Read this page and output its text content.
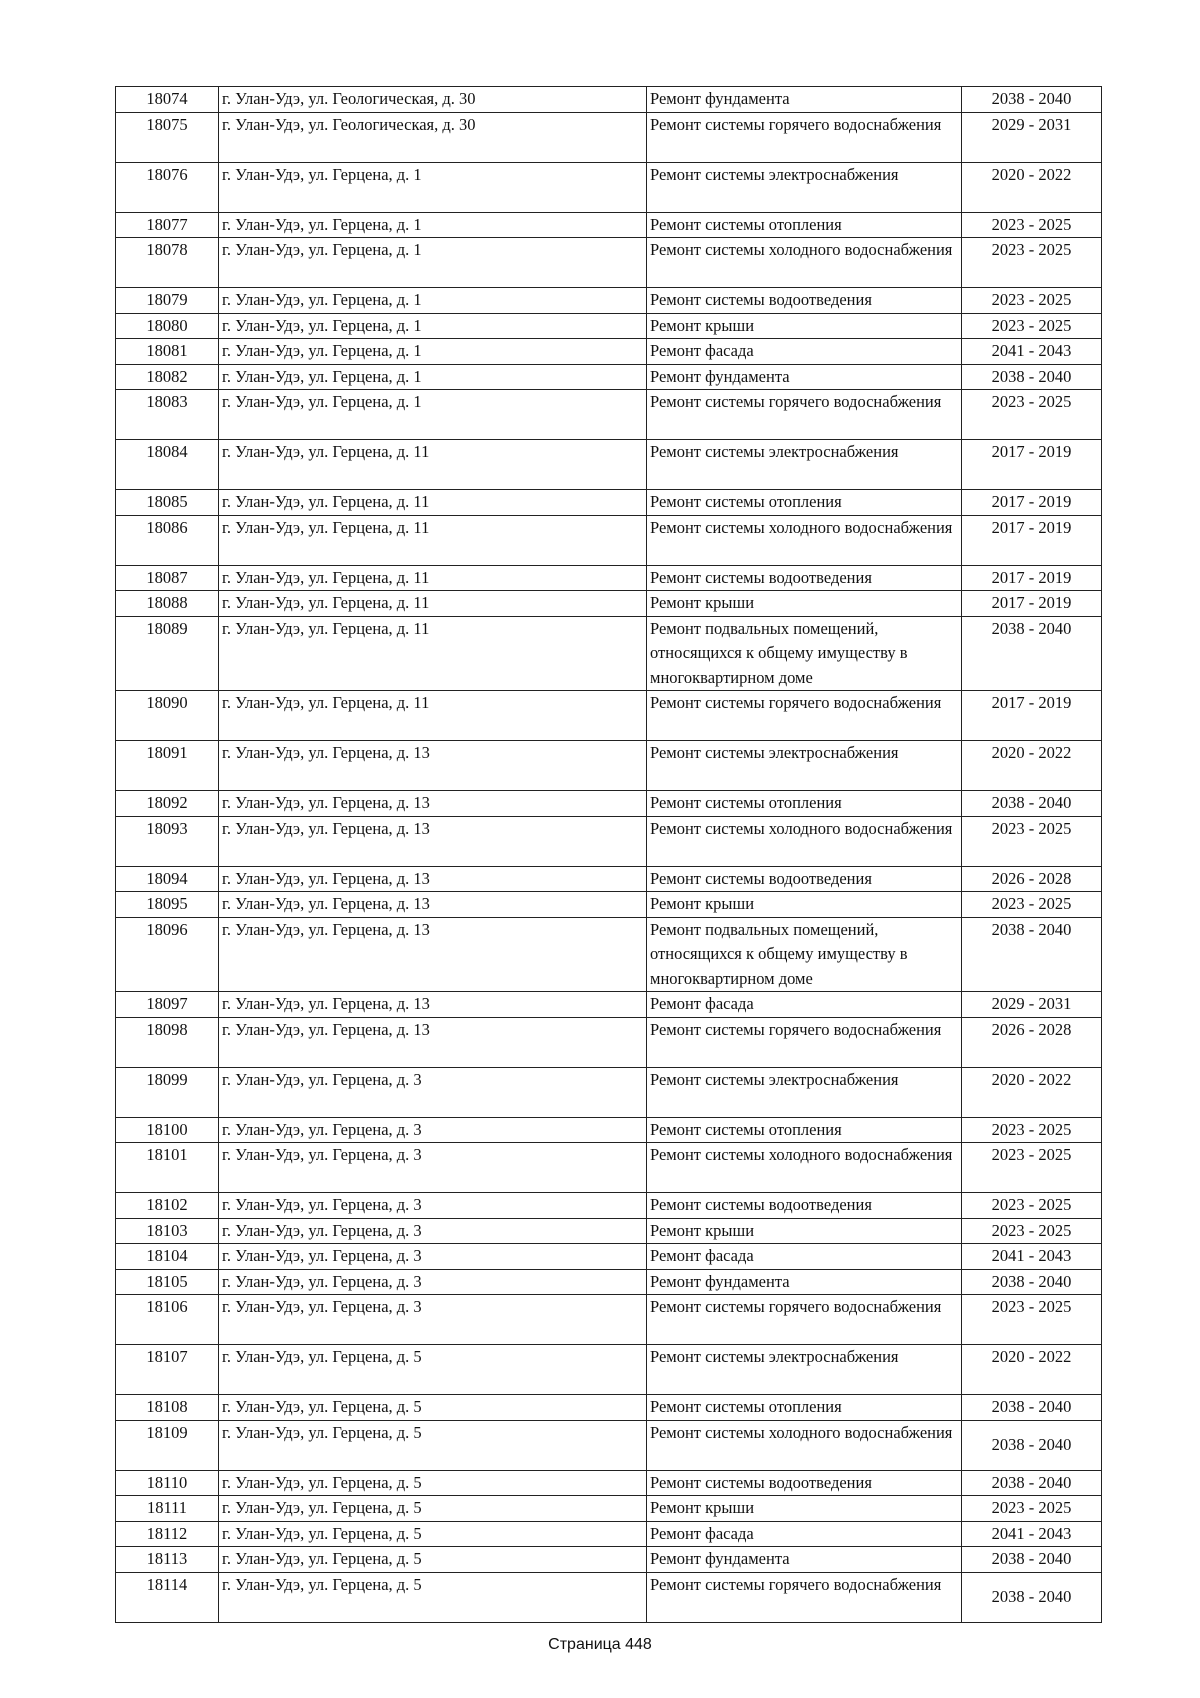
18074	г. Улан-Удэ, ул. Геологическая, д. 30	Ремонт фундамента	2038 - 2040
18075	г. Улан-Удэ, ул. Геологическая, д. 30	Ремонт системы горячего водоснабжения	2029 - 2031
18076	г. Улан-Удэ, ул. Герцена, д. 1	Ремонт системы электроснабжения	2020 - 2022
18077	г. Улан-Удэ, ул. Герцена, д. 1	Ремонт системы отопления	2023 - 2025
18078	г. Улан-Удэ, ул. Герцена, д. 1	Ремонт системы холодного водоснабжения	2023 - 2025
18079	г. Улан-Удэ, ул. Герцена, д. 1	Ремонт системы водоотведения	2023 - 2025
18080	г. Улан-Удэ, ул. Герцена, д. 1	Ремонт крыши	2023 - 2025
18081	г. Улан-Удэ, ул. Герцена, д. 1	Ремонт фасада	2041 - 2043
18082	г. Улан-Удэ, ул. Герцена, д. 1	Ремонт фундамента	2038 - 2040
18083	г. Улан-Удэ, ул. Герцена, д. 1	Ремонт системы горячего водоснабжения	2023 - 2025
18084	г. Улан-Удэ, ул. Герцена, д. 11	Ремонт системы электроснабжения	2017 - 2019
18085	г. Улан-Удэ, ул. Герцена, д. 11	Ремонт системы отопления	2017 - 2019
18086	г. Улан-Удэ, ул. Герцена, д. 11	Ремонт системы холодного водоснабжения	2017 - 2019
18087	г. Улан-Удэ, ул. Герцена, д. 11	Ремонт системы водоотведения	2017 - 2019
18088	г. Улан-Удэ, ул. Герцена, д. 11	Ремонт крыши	2017 - 2019
18089	г. Улан-Удэ, ул. Герцена, д. 11	Ремонт подвальных помещений, относящихся к общему имуществу в многоквартирном доме	2038 - 2040
18090	г. Улан-Удэ, ул. Герцена, д. 11	Ремонт системы горячего водоснабжения	2017 - 2019
18091	г. Улан-Удэ, ул. Герцена, д. 13	Ремонт системы электроснабжения	2020 - 2022
18092	г. Улан-Удэ, ул. Герцена, д. 13	Ремонт системы отопления	2038 - 2040
18093	г. Улан-Удэ, ул. Герцена, д. 13	Ремонт системы холодного водоснабжения	2023 - 2025
18094	г. Улан-Удэ, ул. Герцена, д. 13	Ремонт системы водоотведения	2026 - 2028
18095	г. Улан-Удэ, ул. Герцена, д. 13	Ремонт крыши	2023 - 2025
18096	г. Улан-Удэ, ул. Герцена, д. 13	Ремонт подвальных помещений, относящихся к общему имуществу в многоквартирном доме	2038 - 2040
18097	г. Улан-Удэ, ул. Герцена, д. 13	Ремонт фасада	2029 - 2031
18098	г. Улан-Удэ, ул. Герцена, д. 13	Ремонт системы горячего водоснабжения	2026 - 2028
18099	г. Улан-Удэ, ул. Герцена, д. 3	Ремонт системы электроснабжения	2020 - 2022
18100	г. Улан-Удэ, ул. Герцена, д. 3	Ремонт системы отопления	2023 - 2025
18101	г. Улан-Удэ, ул. Герцена, д. 3	Ремонт системы холодного водоснабжения	2023 - 2025
18102	г. Улан-Удэ, ул. Герцена, д. 3	Ремонт системы водоотведения	2023 - 2025
18103	г. Улан-Удэ, ул. Герцена, д. 3	Ремонт крыши	2023 - 2025
18104	г. Улан-Удэ, ул. Герцена, д. 3	Ремонт фасада	2041 - 2043
18105	г. Улан-Удэ, ул. Герцена, д. 3	Ремонт фундамента	2038 - 2040
18106	г. Улан-Удэ, ул. Герцена, д. 3	Ремонт системы горячего водоснабжения	2023 - 2025
18107	г. Улан-Удэ, ул. Герцена, д. 5	Ремонт системы электроснабжения	2020 - 2022
18108	г. Улан-Удэ, ул. Герцена, д. 5	Ремонт системы отопления	2038 - 2040
18109	г. Улан-Удэ, ул. Герцена, д. 5	Ремонт системы холодного водоснабжения	2038 - 2040
18110	г. Улан-Удэ, ул. Герцена, д. 5	Ремонт системы водоотведения	2038 - 2040
18111	г. Улан-Удэ, ул. Герцена, д. 5	Ремонт крыши	2023 - 2025
18112	г. Улан-Удэ, ул. Герцена, д. 5	Ремонт фасада	2041 - 2043
18113	г. Улан-Удэ, ул. Герцена, д. 5	Ремонт фундамента	2038 - 2040
18114	г. Улан-Удэ, ул. Герцена, д. 5	Ремонт системы горячего водоснабжения	2038 - 2040
Страница 448
